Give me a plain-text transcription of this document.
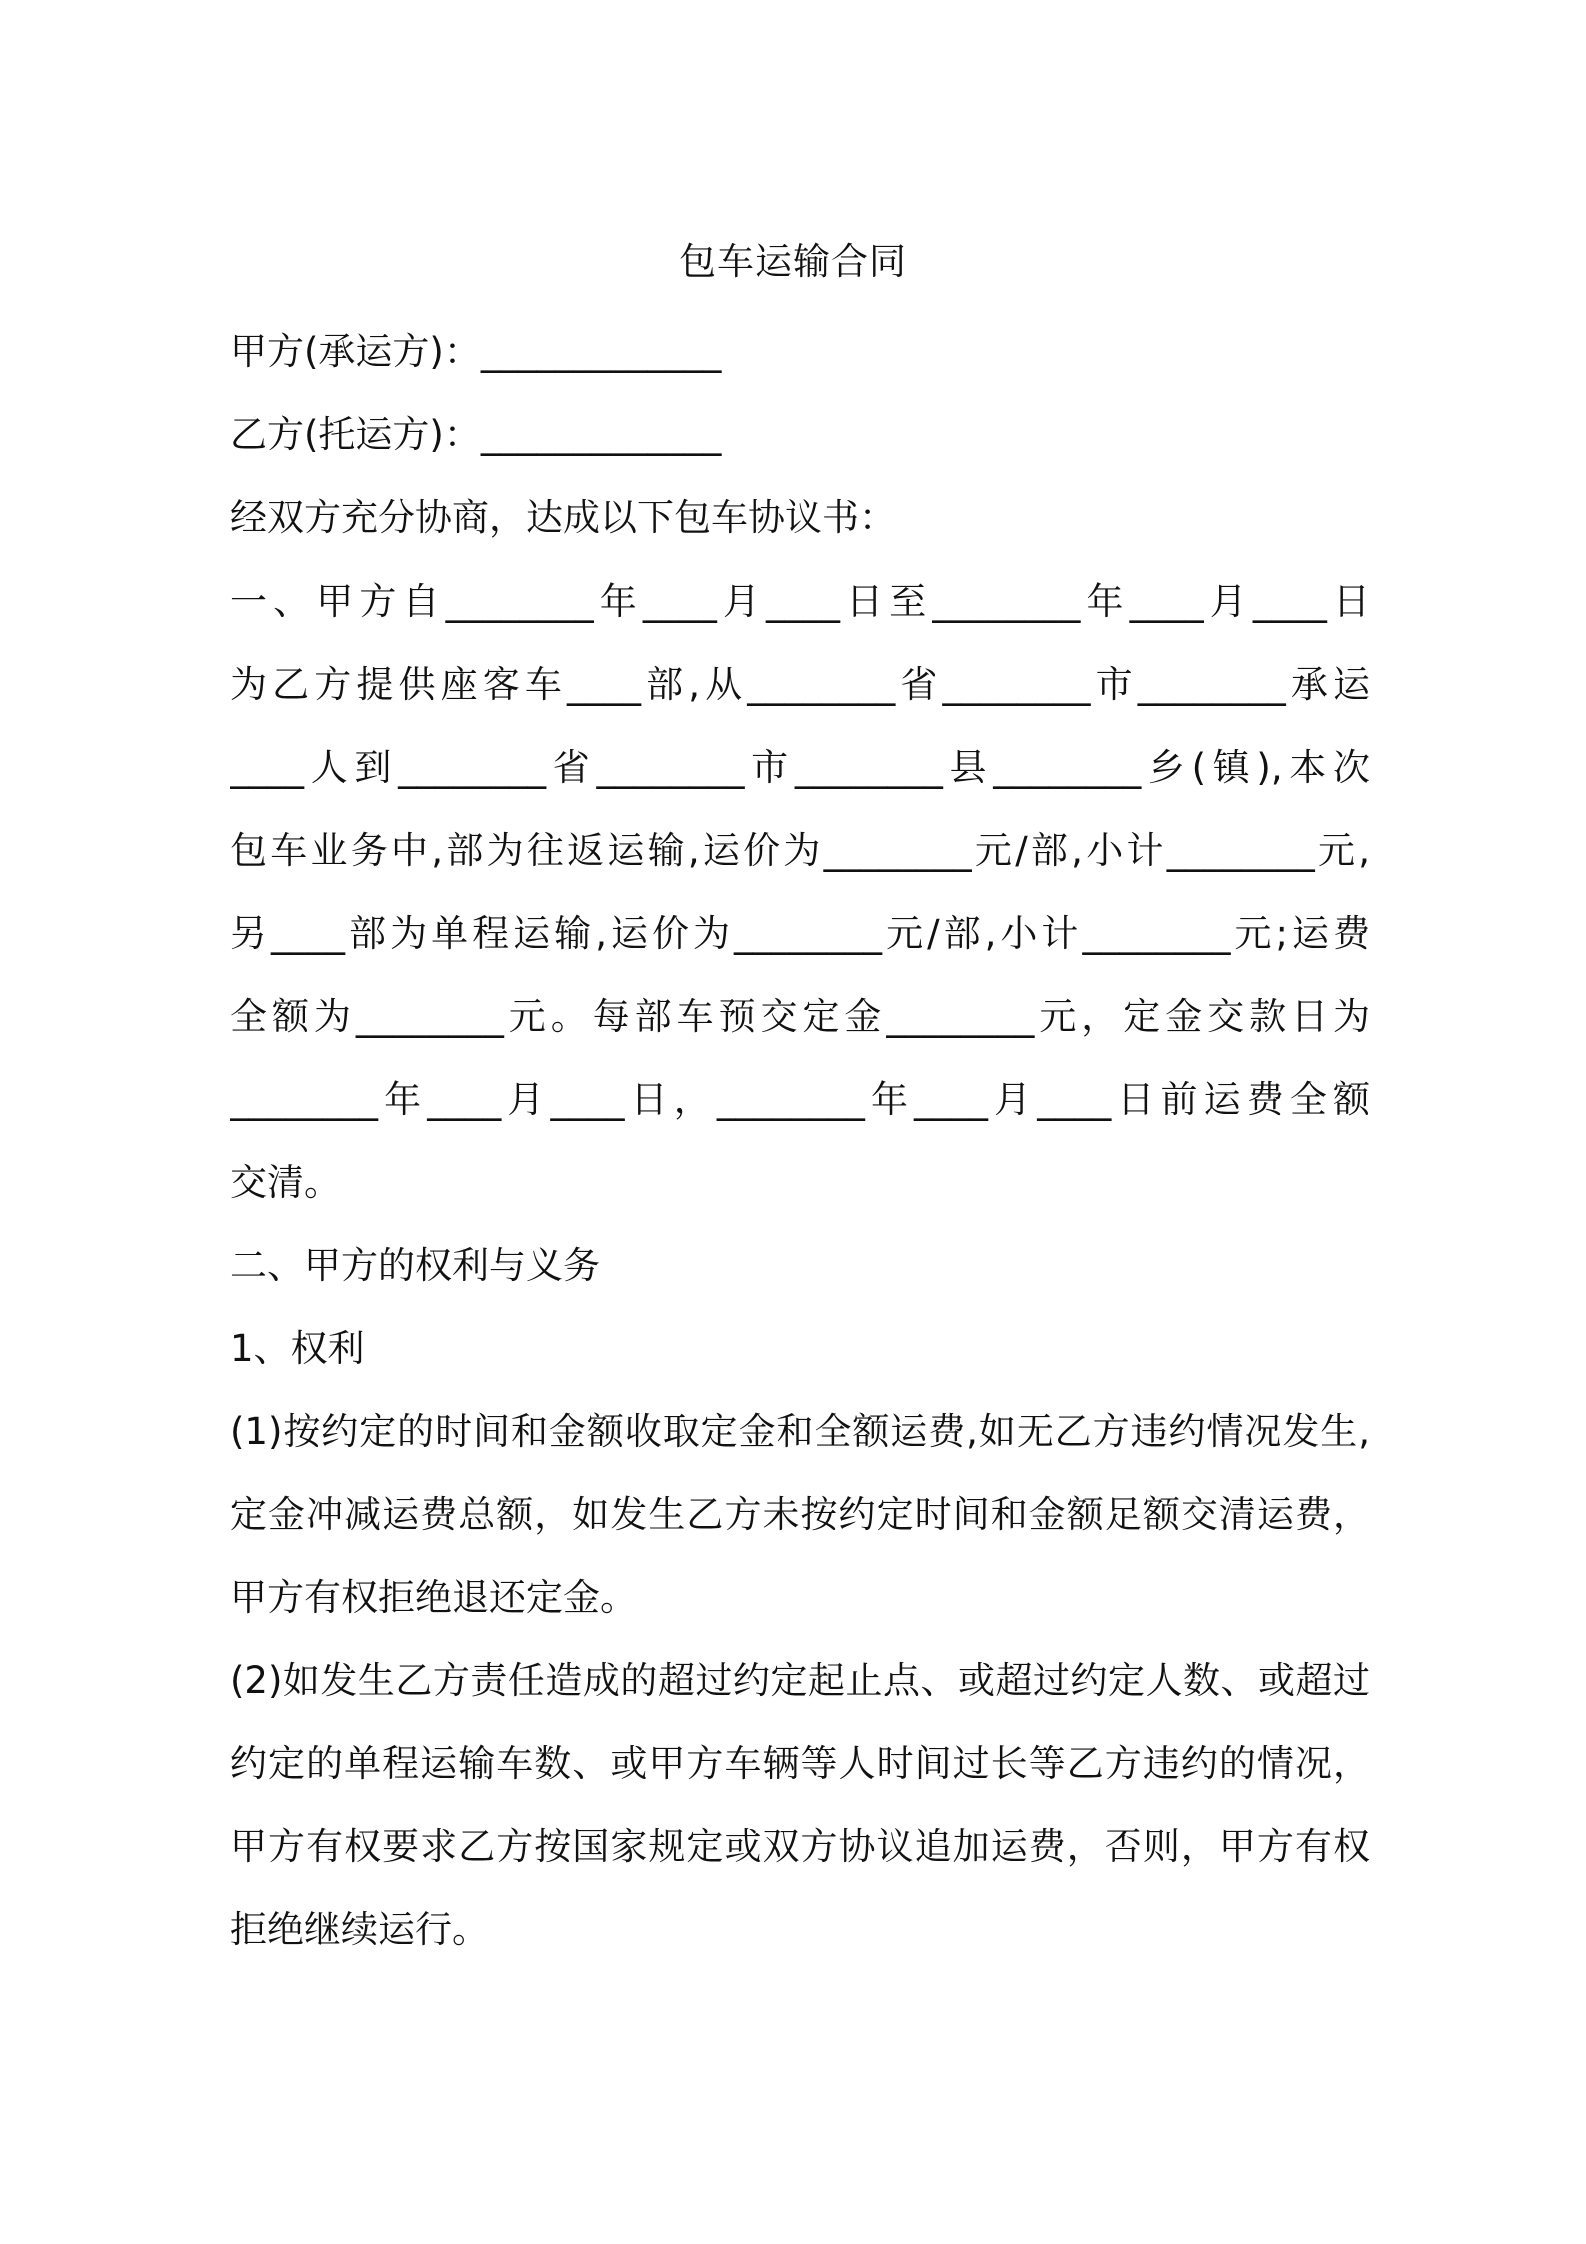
包车运输合同
甲方(承运方)：_____________
乙方(托运方)：_____________
经双方充分协商，达成以下包车协议书：
一、甲方自________年____月____日至________年____月____日
为乙方提供座客车____部,从________省________市________承运
____人到________省________市________县________乡(镇),本次
包车业务中,部为往返运输,运价为________元/部,小计________元,
另____部为单程运输,运价为________元/部,小计________元;运费
全额为________元。每部车预交定金________元，定金交款日为
________年____月____日，________年____月____日前运费全额
交清。
二、甲方的权利与义务
1、权利
(1)按约定的时间和金额收取定金和全额运费,如无乙方违约情况发生,
定金冲减运费总额，如发生乙方未按约定时间和金额足额交清运费，
甲方有权拒绝退还定金。
(2)如发生乙方责任造成的超过约定起止点、或超过约定人数、或超过
约定的单程运输车数、或甲方车辆等人时间过长等乙方违约的情况，
甲方有权要求乙方按国家规定或双方协议追加运费，否则，甲方有权
拒绝继续运行。
